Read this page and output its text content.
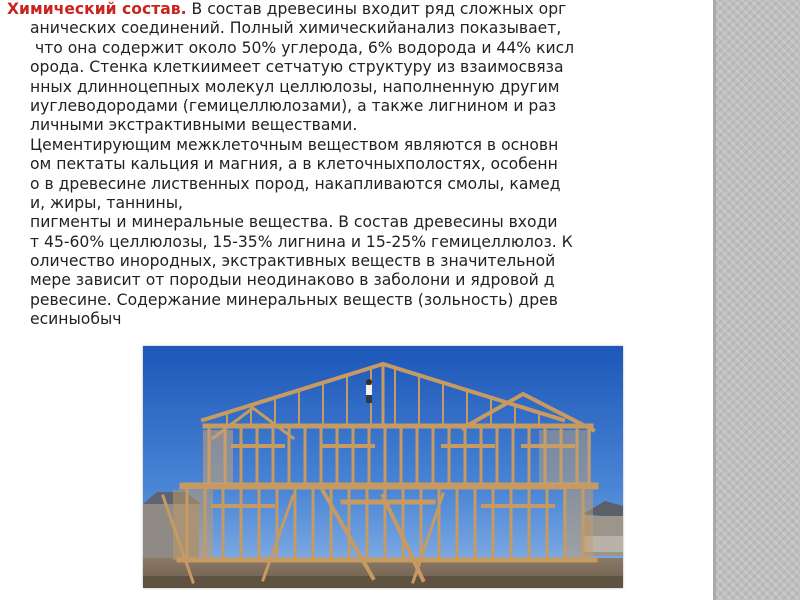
Химический состав. В состав древесины входит ряд сложных орг
анических соединений. Полный химическийанализ показывает,
что она содержит около 50% углерода, 6% водорода и 44% кисл
орода. Стенка клеткиимеет сетчатую структуру из взаимосвяза
нных длинноцепных молекул целлюлозы, наполненную другим
иуглеводородами (гемицеллюлозами), а также лигнином и раз
личными экстрактивными веществами.
Цементирующим межклеточным веществом являются в основн
ом пектаты кальция и магния, а в клеточныхполостях, особенн
о в древесине лиственных пород, накапливаются смолы, камед
и, жиры, таннины,
пигменты и минеральные вещества. В состав древесины входи
т 45-60% целлюлозы, 15-35% лигнина и 15-25% гемицеллюлоз. К
оличество инородных, экстрактивных веществ в значительной
мере зависит от породыи неодинаково в заболони и ядровой д
ревесине. Содержание минеральных веществ (зольность) древ
есиныобыч
